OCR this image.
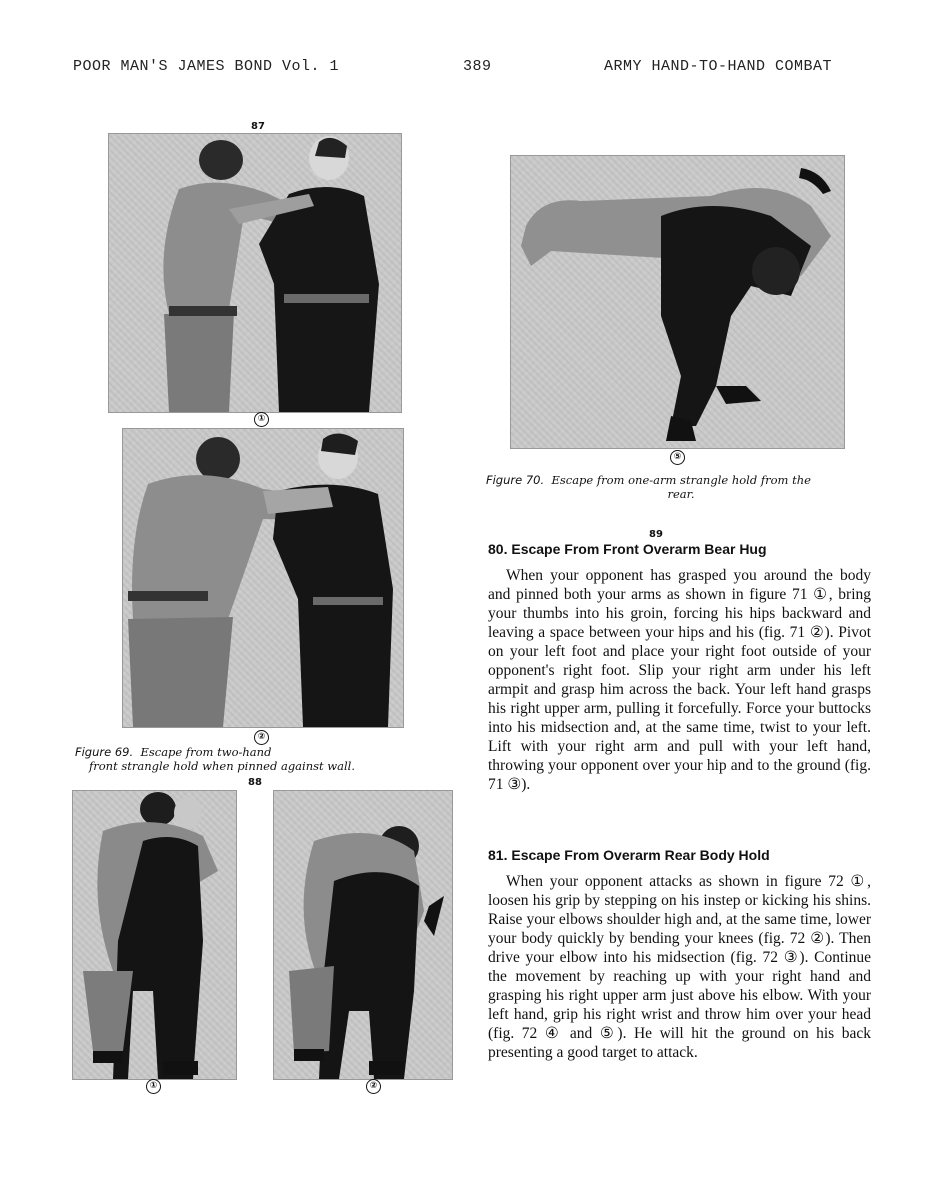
POOR MAN'S JAMES BOND Vol. 1	389	ARMY HAND-TO-HAND COMBAT
87
①
②
Figure 69. Escape from two-hand
front strangle hold when pinned against wall.
88
①	②
⑤
Figure 70. Escape from one-arm strangle hold from the
rear.
89
80. Escape From Front Overarm Bear Hug

When your opponent has grasped you around the body and pinned both your arms as shown in figure 71 ①, bring your thumbs into his groin, forcing his hips backward and leaving a space between your hips and his (fig. 71 ②). Pivot on your left foot and place your right foot outside of your opponent's right foot. Slip your right arm under his left armpit and grasp him across the back. Your left hand grasps his right upper arm, pulling it forcefully. Force your buttocks into his midsection and, at the same time, twist to your left. Lift with your right arm and pull with your left hand, throwing your opponent over your hip and to the ground (fig. 71 ③).

81. Escape From Overarm Rear Body Hold

When your opponent attacks as shown in figure 72 ①, loosen his grip by stepping on his instep or kicking his shins. Raise your elbows shoulder high and, at the same time, lower your body quickly by bending your knees (fig. 72 ②). Then drive your elbow into his midsection (fig. 72 ③). Continue the movement by reaching up with your right hand and grasping his right upper arm just above his elbow. With your left hand, grip his right wrist and throw him over your head (fig. 72 ④ and ⑤). He will hit the ground on his back presenting a good target to attack.
